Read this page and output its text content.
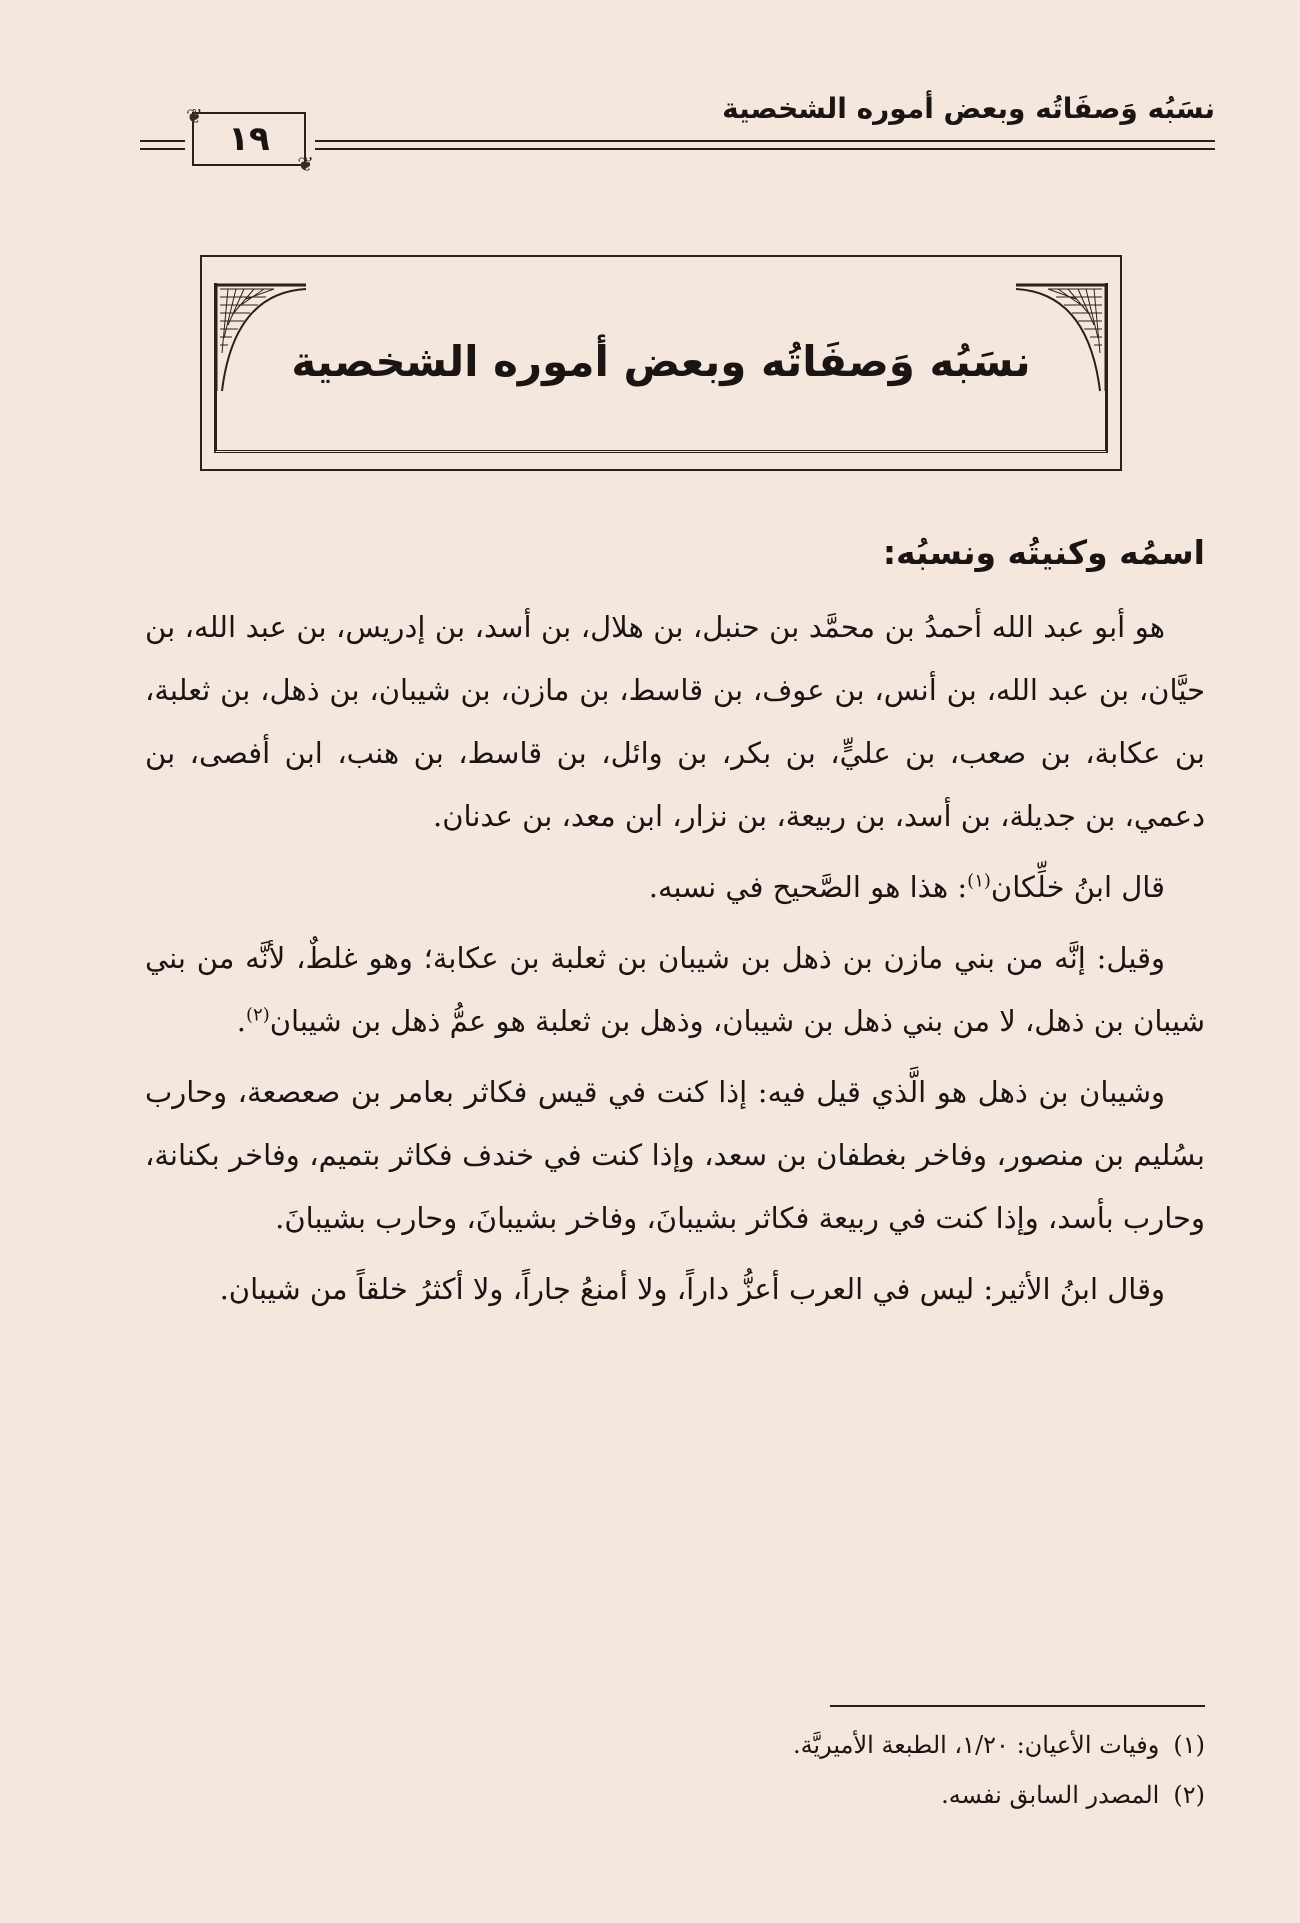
نسَبُه وَصفَاتُه وبعض أموره الشخصية
❦
١٩
❦
نسَبُه وَصفَاتُه وبعض أموره الشخصية

اسمُه وكنيتُه ونسبُه:

هو أبو عبد الله أحمدُ بن محمَّد بن حنبل، بن هلال، بن أسد، بن إدريس، بن عبد الله، بن حيَّان، بن عبد الله، بن أنس، بن عوف، بن قاسط، بن مازن، بن شيبان، بن ذهل، بن ثعلبة، بن عكابة، بن صعب، بن عليٍّ، بن بكر، بن وائل، بن قاسط، بن هنب، ابن أفصى، بن دعمي، بن جديلة، بن أسد، بن ربيعة، بن نزار، ابن معد، بن عدنان.

قال ابنُ خلِّكان$^{(١)}$: هذا هو الصَّحيح في نسبه.

وقيل: إنَّه من بني مازن بن ذهل بن شيبان بن ثعلبة بن عكابة؛ وهو غلطٌ، لأنَّه من بني شيبان بن ذهل، لا من بني ذهل بن شيبان، وذهل بن ثعلبة هو عمُّ ذهل بن شيبان$^{(٢)}$.

وشيبان بن ذهل هو الَّذي قيل فيه: إذا كنت في قيس فكاثر بعامر بن صعصعة، وحارب بسُليم بن منصور، وفاخر بغطفان بن سعد، وإذا كنت في خندف فكاثر بتميم، وفاخر بكنانة، وحارب بأسد، وإذا كنت في ربيعة فكاثر بشيبانَ، وفاخر بشيبانَ، وحارب بشيبانَ.

وقال ابنُ الأثير: ليس في العرب أعزُّ داراً، ولا أمنعُ جاراً، ولا أكثرُ خلقاً من شيبان.

(١)وفيات الأعيان: ١/٢٠، الطبعة الأميريَّة.

(٢)المصدر السابق نفسه.
